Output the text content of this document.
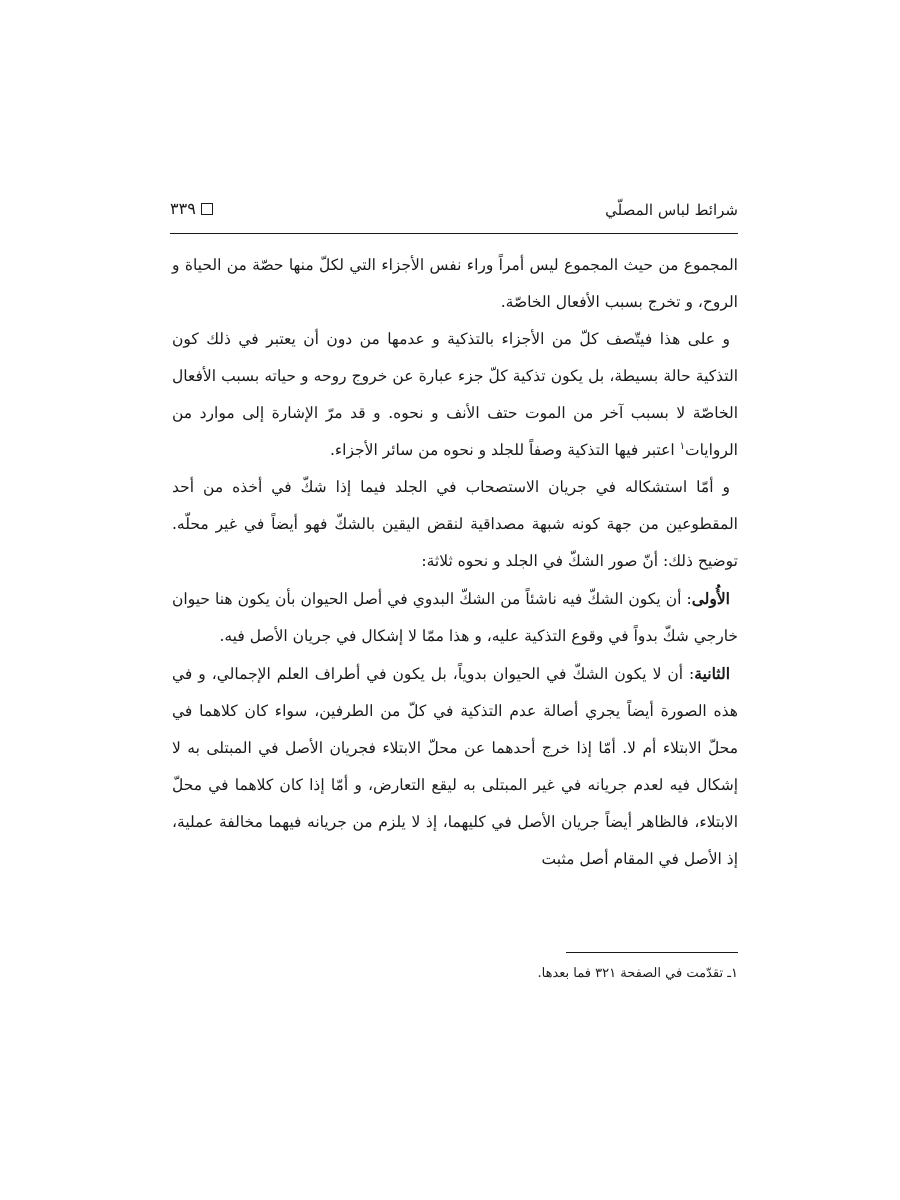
شرائط لباس المصلّي
٣٣٩

المجموع من حيث المجموع ليس أمراً وراء نفس الأجزاء التي لكلّ منها حصّة من الحياة و الروح، و تخرج بسبب الأفعال الخاصّة.

و على هذا فيتّصف كلّ من الأجزاء بالتذكية و عدمها من دون أن يعتبر في ذلك كون التذكية حالة بسيطة، بل يكون تذكية كلّ جزء عبارة عن خروج روحه و حياته بسبب الأفعال الخاصّة لا بسبب آخر من الموت حتف الأنف و نحوه. و قد مرّ الإشارة إلى موارد من الروايات$^١$ اعتبر فيها التذكية وصفاً للجلد و نحوه من سائر الأجزاء.

و أمّا استشكاله في جريان الاستصحاب في الجلد فيما إذا شكّ في أخذه من أحد المقطوعين من جهة كونه شبهة مصداقية لنقض اليقين بالشكّ فهو أيضاً في غير محلّه. توضيح ذلك: أنّ صور الشكّ في الجلد و نحوه ثلاثة:

الأُولى: أن يكون الشكّ فيه ناشئاً من الشكّ البدوي في أصل الحيوان بأن يكون هنا حيوان خارجي شكّ بدواً في وقوع التذكية عليه، و هذا ممّا لا إشكال في جريان الأصل فيه.

الثانية: أن لا يكون الشكّ في الحيوان بدوياً، بل يكون في أطراف العلم الإجمالي، و في هذه الصورة أيضاً يجري أصالة عدم التذكية في كلّ من الطرفين، سواء كان كلاهما في محلّ الابتلاء أم لا. أمّا إذا خرج أحدهما عن محلّ الابتلاء فجريان الأصل في المبتلى به لا إشكال فيه لعدم جريانه في غير المبتلى به ليقع التعارض، و أمّا إذا كان كلاهما في محلّ الابتلاء، فالظاهر أيضاً جريان الأصل في كليهما، إذ لا يلزم من جريانه فيهما مخالفة عملية، إذ الأصل في المقام أصل مثبت

١ـ تقدّمت في الصفحة ٣٢١ فما بعدها.
